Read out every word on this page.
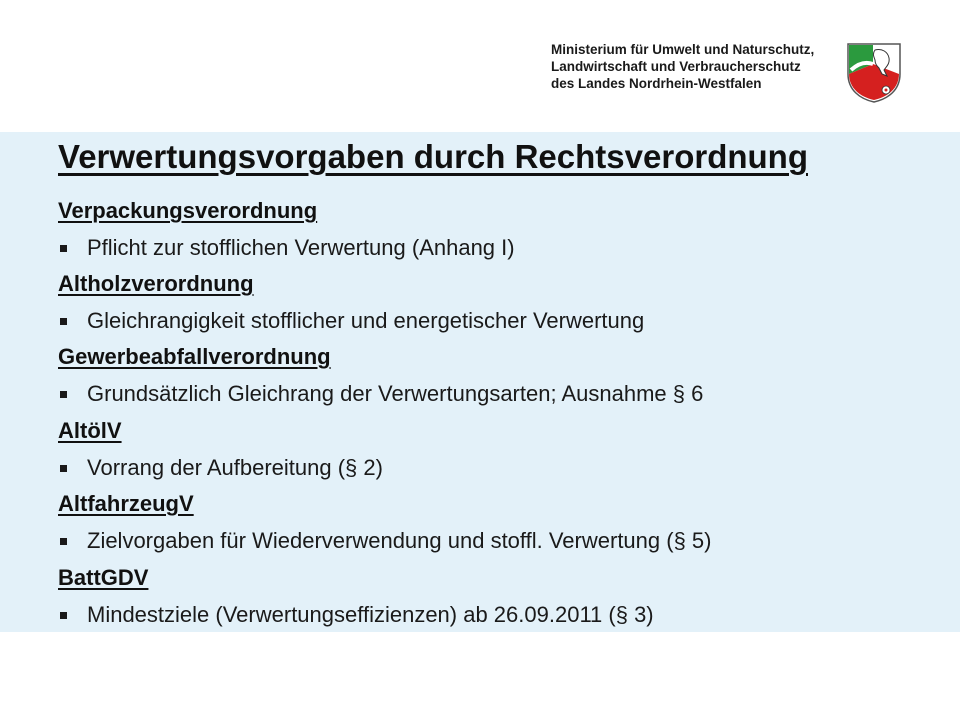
Ministerium für Umwelt und Naturschutz,
Landwirtschaft und Verbraucherschutz
des Landes Nordrhein-Westfalen
Verwertungsvorgaben durch Rechtsverordnung
Verpackungsverordnung
Pflicht zur stofflichen Verwertung (Anhang I)
Altholzverordnung
Gleichrangigkeit stofflicher und energetischer Verwertung
Gewerbeabfallverordnung
Grundsätzlich Gleichrang der Verwertungsarten; Ausnahme § 6
AltölV
Vorrang der Aufbereitung (§ 2)
AltfahrzeugV
Zielvorgaben für Wiederverwendung und stoffl. Verwertung (§ 5)
BattGDV
Mindestziele (Verwertungseffizienzen) ab 26.09.2011 (§ 3)
